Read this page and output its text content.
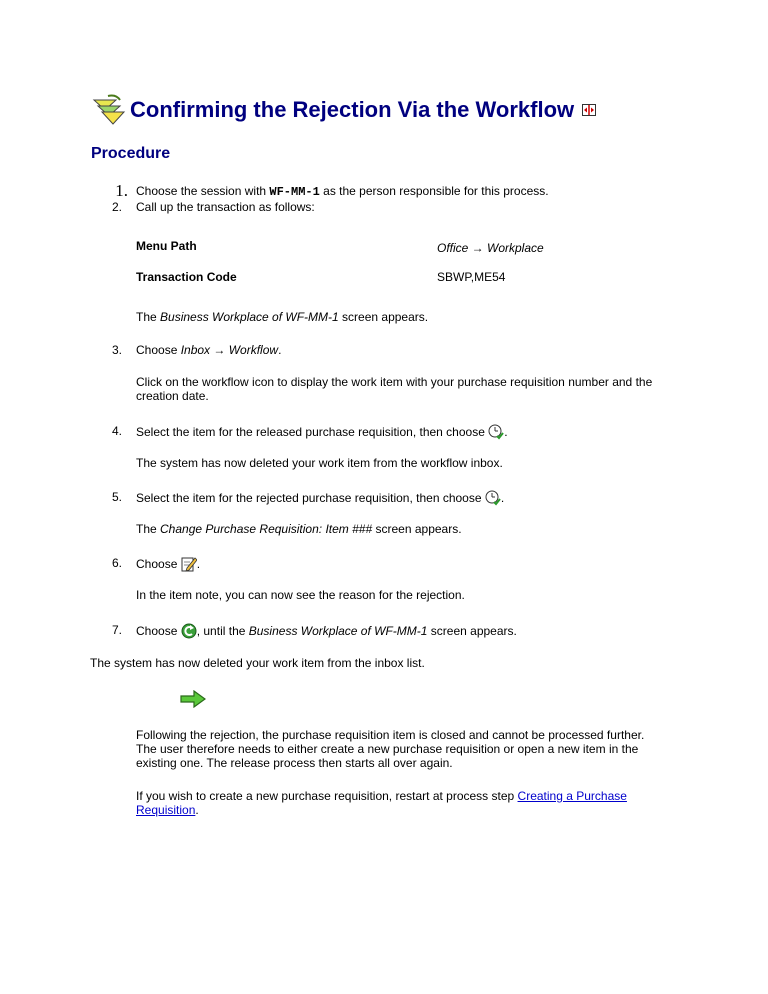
Confirming the Rejection Via the Workflow
Procedure
1. Choose the session with WF-MM-1 as the person responsible for this process.
2. Call up the transaction as follows:
Menu Path	Office → Workplace
Transaction Code	SBWP,ME54
The Business Workplace of WF-MM-1 screen appears.
3. Choose Inbox → Workflow.
Click on the workflow icon to display the work item with your purchase requisition number and the
creation date.
4. Select the item for the released purchase requisition, then choose .
The system has now deleted your work item from the workflow inbox.
5. Select the item for the rejected purchase requisition, then choose .
The Change Purchase Requisition: Item ### screen appears.
6. Choose .
In the item note, you can now see the reason for the rejection.
7. Choose , until the Business Workplace of WF-MM-1 screen appears.
The system has now deleted your work item from the inbox list.
Following the rejection, the purchase requisition item is closed and cannot be processed further.
The user therefore needs to either create a new purchase requisition or open a new item in the
existing one. The release process then starts all over again.
If you wish to create a new purchase requisition, restart at process step Creating a Purchase
Requisition.
